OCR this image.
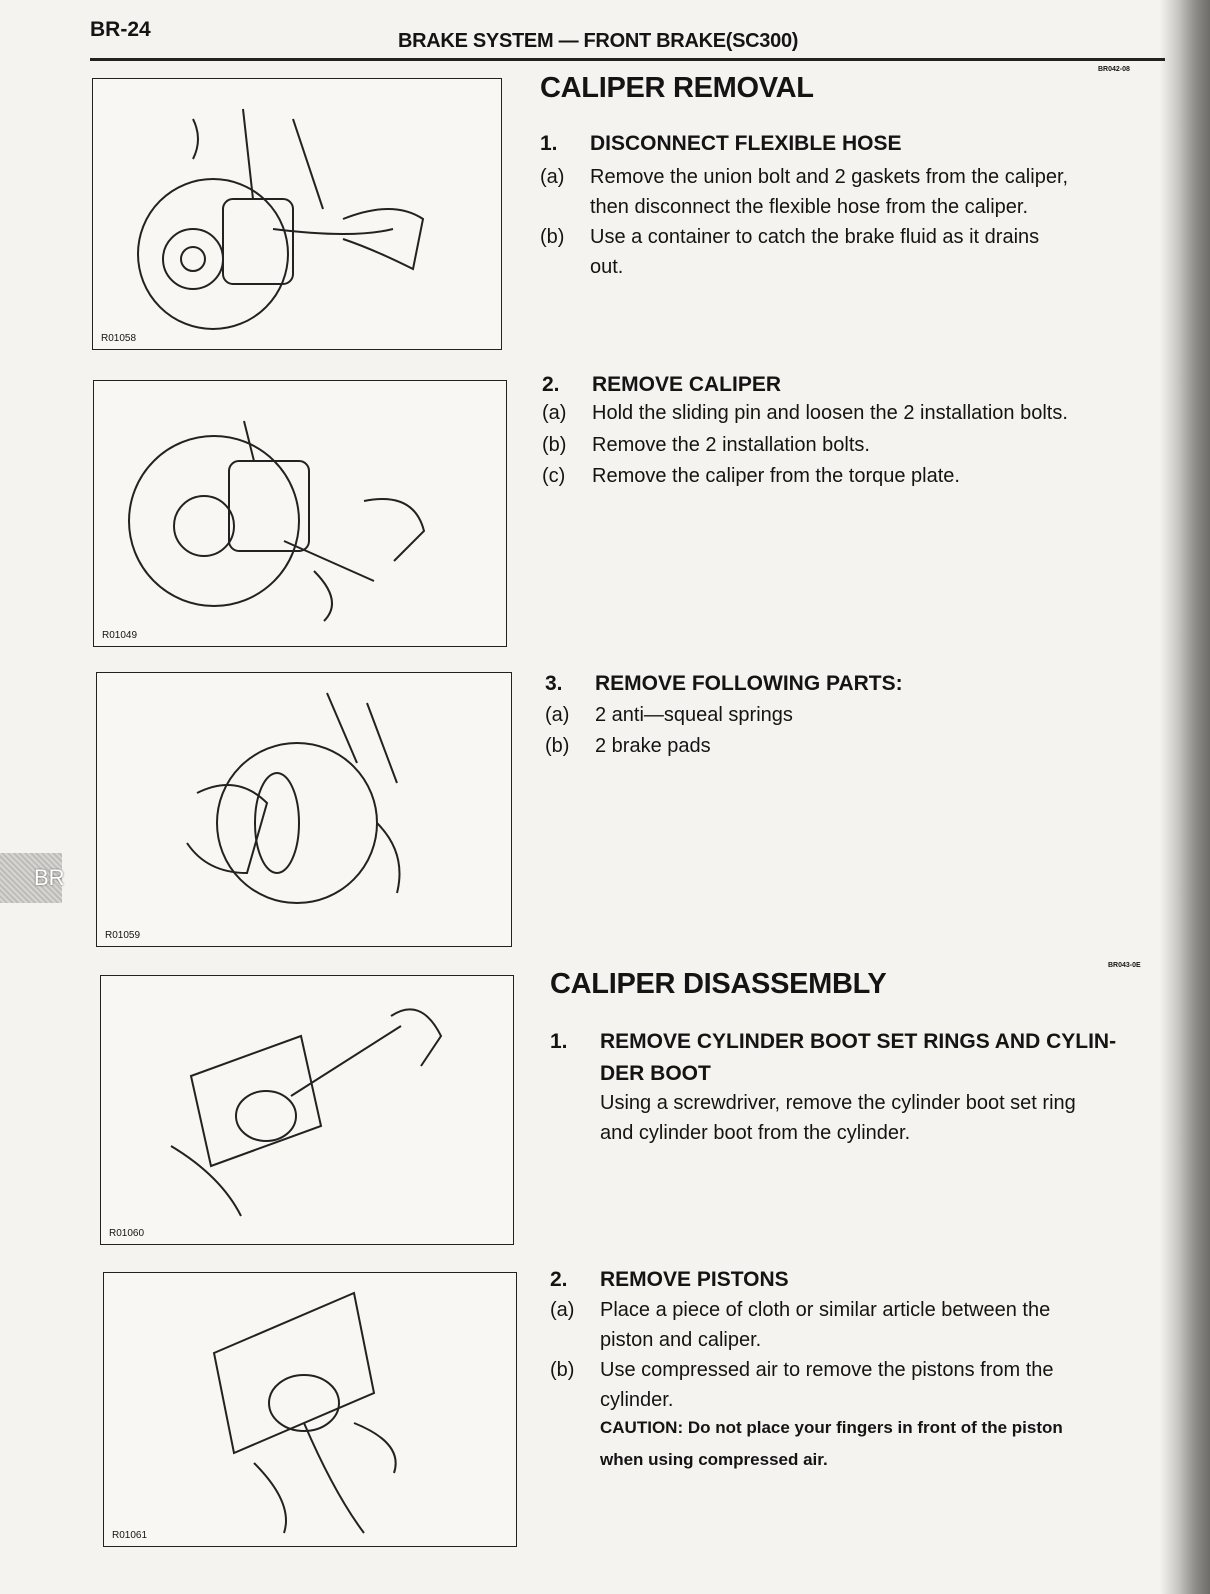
BR-24	BRAKE SYSTEM — FRONT BRAKE(SC300)
BR
R01058
R01049
R01059
R01060
R01061
BR042-08
CALIPER REMOVAL
1. DISCONNECT FLEXIBLE HOSE
(a) Remove the union bolt and 2 gaskets from the caliper,
then disconnect the flexible hose from the caliper.
(b) Use a container to catch the brake fluid as it drains
out.
2. REMOVE CALIPER
(a) Hold the sliding pin and loosen the 2 installation bolts.
(b) Remove the 2 installation bolts.
(c) Remove the caliper from the torque plate.
3. REMOVE FOLLOWING PARTS:
(a) 2 anti—squeal springs
(b) 2 brake pads
BR043-0E
CALIPER DISASSEMBLY
1. REMOVE CYLINDER BOOT SET RINGS AND CYLIN-
DER BOOT
Using a screwdriver, remove the cylinder boot set ring
and cylinder boot from the cylinder.
2. REMOVE PISTONS
(a) Place a piece of cloth or similar article between the
piston and caliper.
(b) Use compressed air to remove the pistons from the
cylinder.
CAUTION: Do not place your fingers in front of the piston
when using compressed air.
